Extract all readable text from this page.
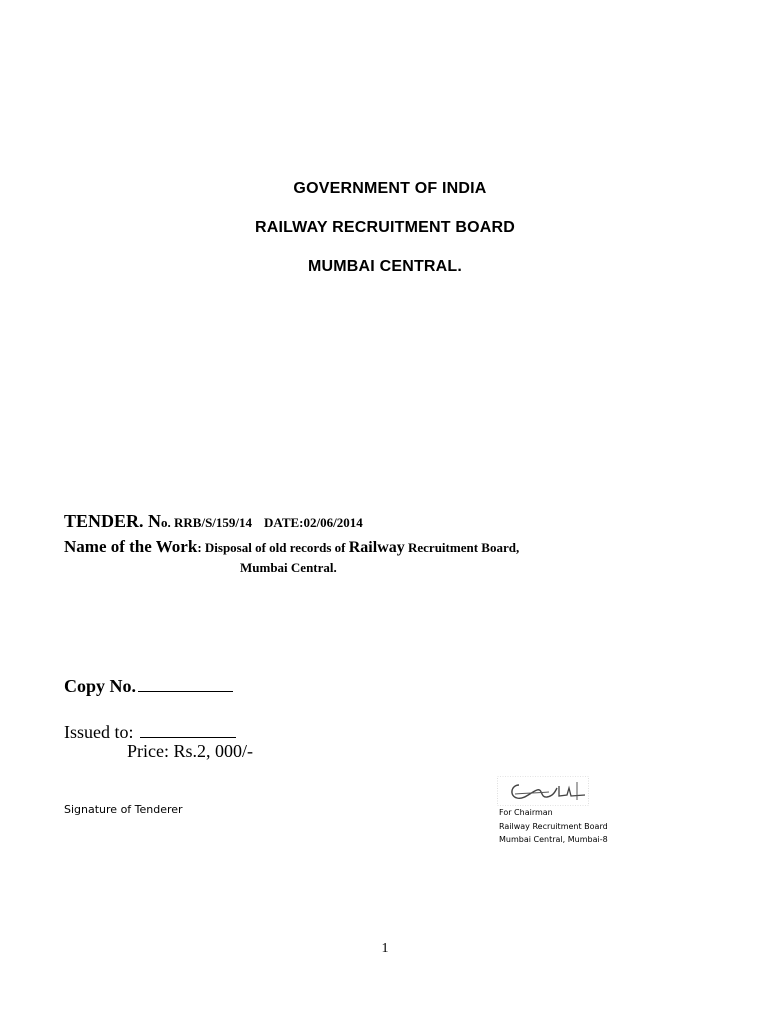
GOVERNMENT OF INDIA
RAILWAY RECRUITMENT BOARD
MUMBAI CENTRAL.
TENDER. No. RRB/S/159/14 DATE:02/06/2014
Name of the Work: Disposal of old records of Railway Recruitment Board,
Mumbai Central.
Copy No.
Issued to:
Price: Rs.2, 000/-
Signature of Tenderer	For Chairman
Railway Recruitment Board
Mumbai Central, Mumbai-8
1
